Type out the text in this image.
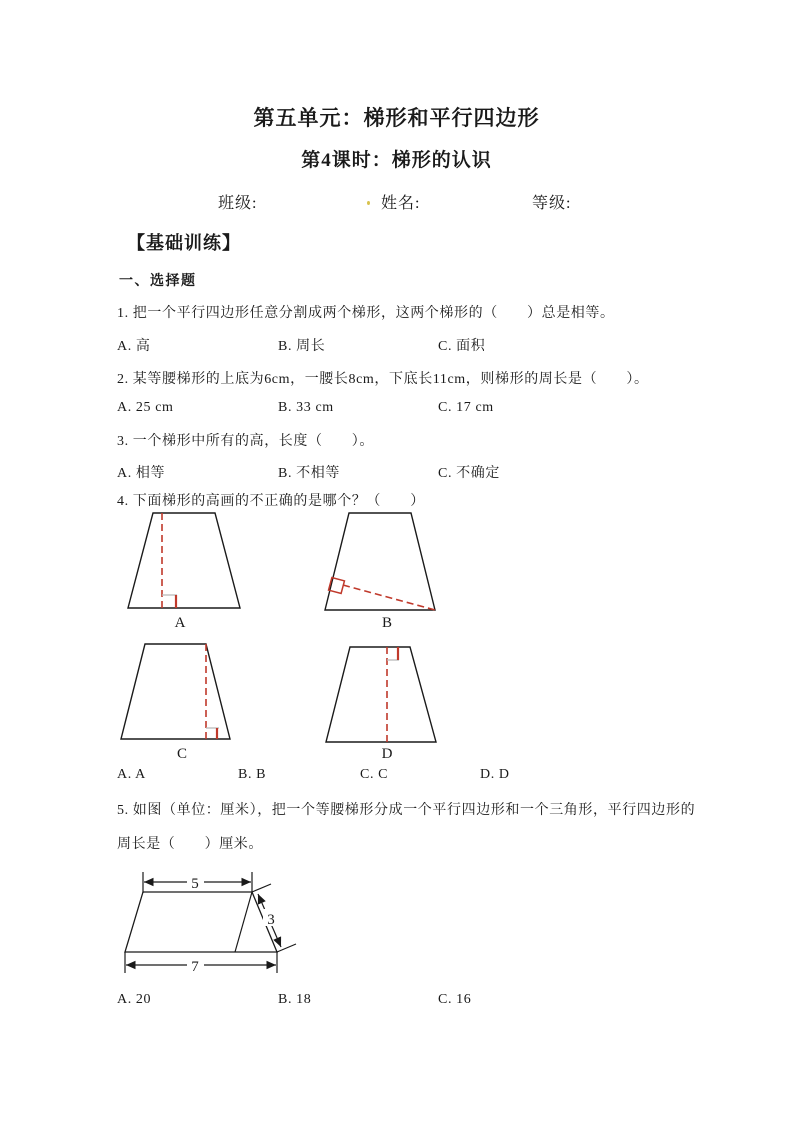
第五单元：梯形和平行四边形
第4课时：梯形的认识
班级:	姓名:	等级:
【基础训练】
一、选择题
1. 把一个平行四边形任意分割成两个梯形，这两个梯形的（　　）总是相等。
A. 高	B. 周长	C. 面积
2. 某等腰梯形的上底为6cm，一腰长8cm，下底长11cm，则梯形的周长是（　　）。
A. 25 cm	B. 33 cm	C. 17 cm
3. 一个梯形中所有的高，长度（　　）。
A. 相等	B. 不相等	C. 不确定
4. 下面梯形的高画的不正确的是哪个？（　　）
A	B
C	D
A. A	B. B	C. C	D. D
5. 如图（单位：厘米），把一个等腰梯形分成一个平行四边形和一个三角形，平行四边形的
周长是（　　）厘米。
5
7
3
A. 20	B. 18	C. 16
